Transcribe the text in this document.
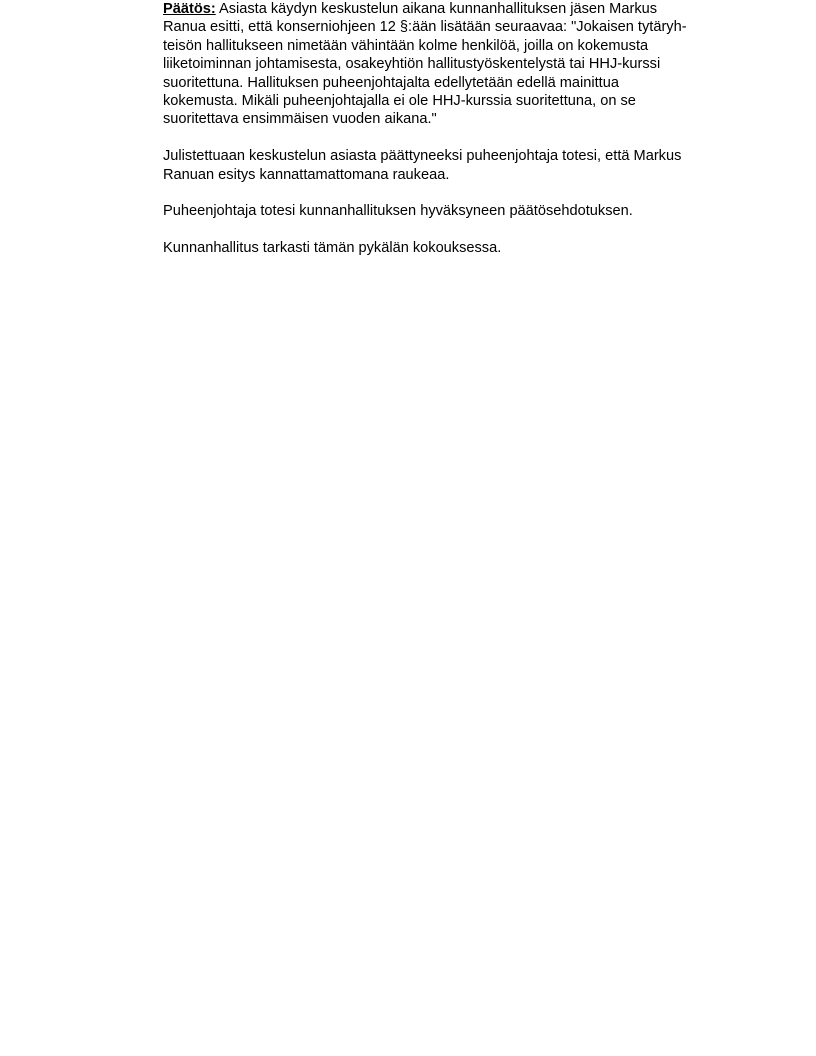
Päätös: Asiasta käydyn keskustelun aikana kunnanhallituksen jäsen Markus
Ranua esitti, että konserniohjeen 12 §:ään lisätään seuraavaa: "Jokaisen tytäryh-
teisön hallitukseen nimetään vähintään kolme henkilöä, joilla on kokemusta
liiketoiminnan johtamisesta, osakeyhtiön hallitustyöskentelystä tai HHJ-kurssi
suoritettuna. Hallituksen puheenjohtajalta edellytetään edellä mainittua
kokemusta. Mikäli puheenjohtajalla ei ole HHJ-kurssia suoritettuna, on se
suoritettava ensimmäisen vuoden aikana."
Julistettuaan keskustelun asiasta päättyneeksi puheenjohtaja totesi, että Markus
Ranuan esitys kannattamattomana raukeaa.
Puheenjohtaja totesi kunnanhallituksen hyväksyneen päätösehdotuksen.
Kunnanhallitus tarkasti tämän pykälän kokouksessa.
